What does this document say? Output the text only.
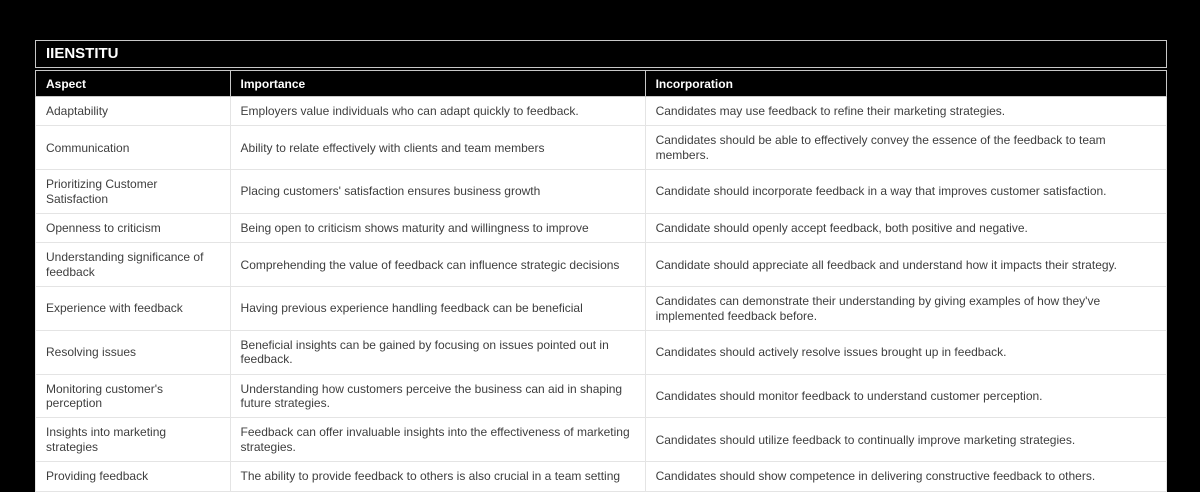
IIENSTITU
Aspect	Importance	Incorporation
Adaptability	Employers value individuals who can adapt quickly to feedback.	Candidates may use feedback to refine their marketing strategies.
Communication	Ability to relate effectively with clients and team members	Candidates should be able to effectively convey the essence of the feedback to team members.
Prioritizing Customer Satisfaction	Placing customers' satisfaction ensures business growth	Candidate should incorporate feedback in a way that improves customer satisfaction.
Openness to criticism	Being open to criticism shows maturity and willingness to improve	Candidate should openly accept feedback, both positive and negative.
Understanding significance of feedback	Comprehending the value of feedback can influence strategic decisions	Candidate should appreciate all feedback and understand how it impacts their strategy.
Experience with feedback	Having previous experience handling feedback can be beneficial	Candidates can demonstrate their understanding by giving examples of how they've implemented feedback before.
Resolving issues	Beneficial insights can be gained by focusing on issues pointed out in feedback.	Candidates should actively resolve issues brought up in feedback.
Monitoring customer's perception	Understanding how customers perceive the business can aid in shaping future strategies.	Candidates should monitor feedback to understand customer perception.
Insights into marketing strategies	Feedback can offer invaluable insights into the effectiveness of marketing strategies.	Candidates should utilize feedback to continually improve marketing strategies.
Providing feedback	The ability to provide feedback to others is also crucial in a team setting	Candidates should show competence in delivering constructive feedback to others.
